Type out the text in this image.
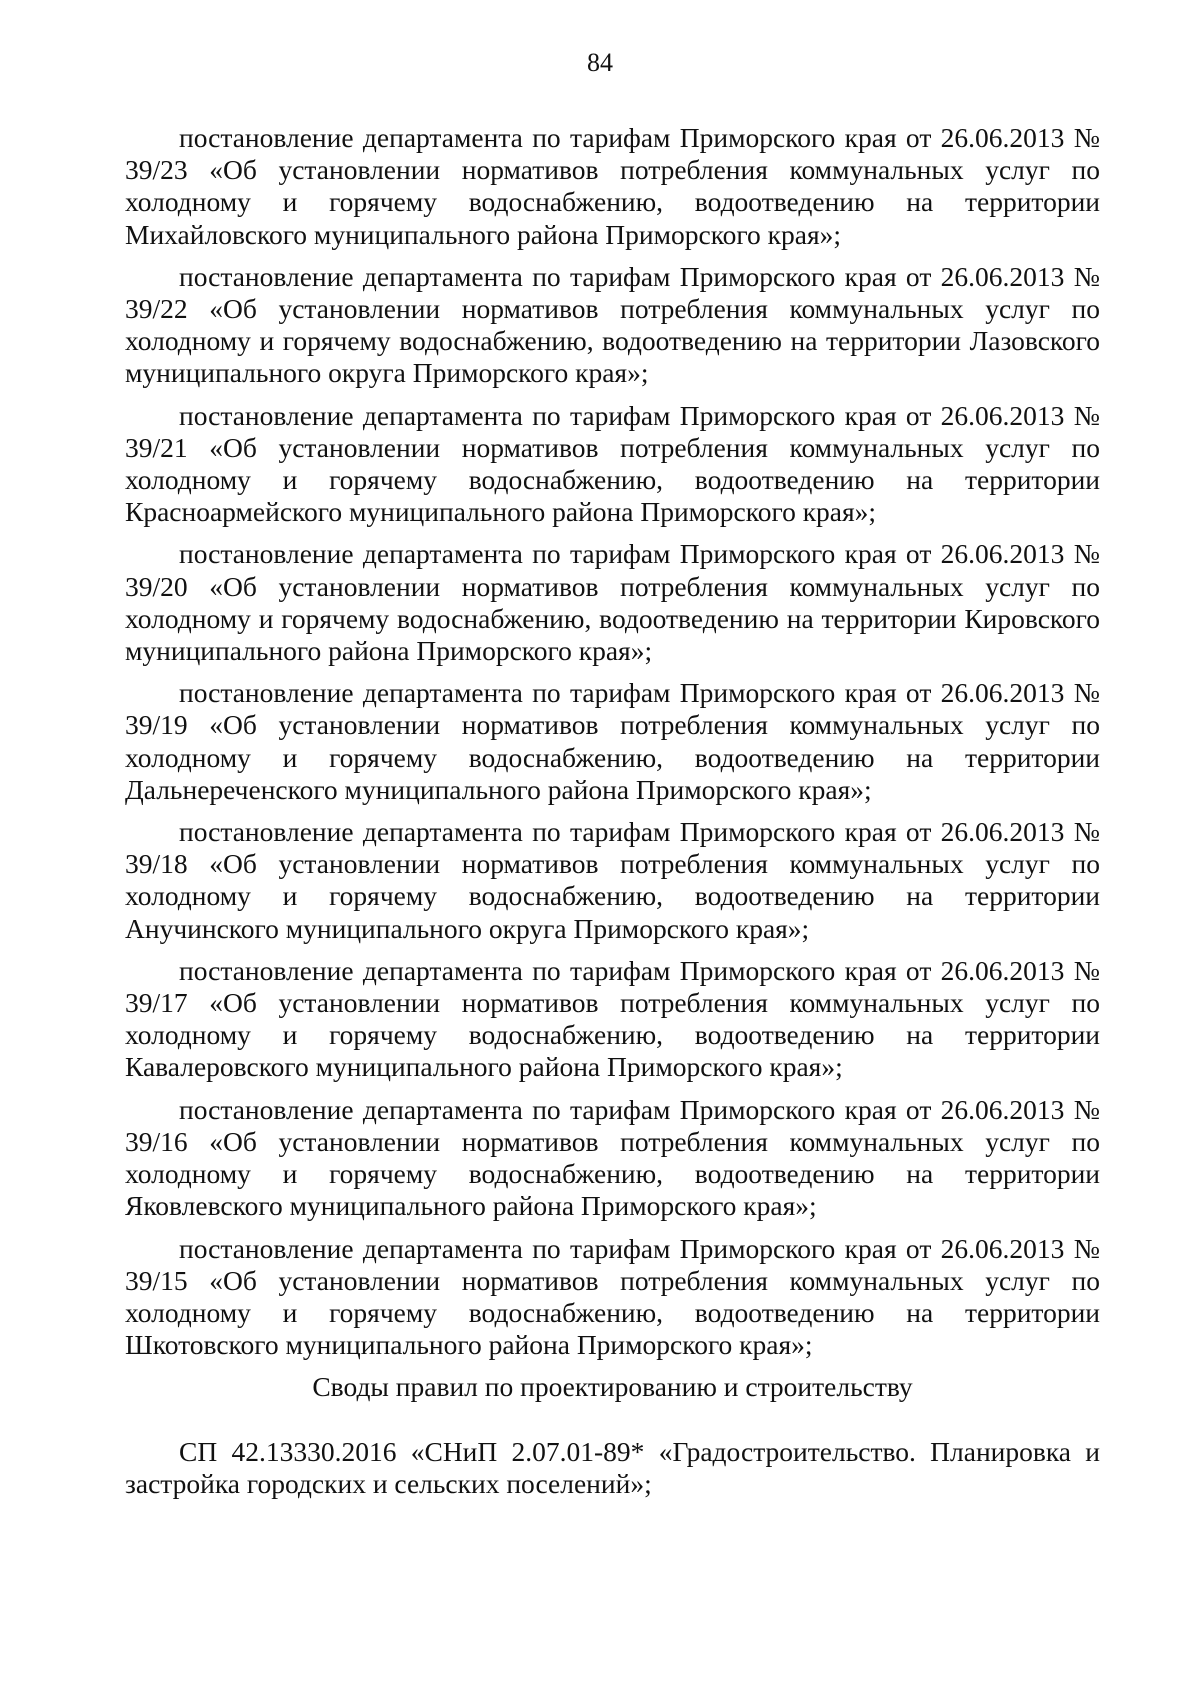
84

постановление департамента по тарифам Приморского края от 26.06.2013 № 39/23 «Об установлении нормативов потребления коммунальных услуг по холодному и горячему водоснабжению, водоотведению на территории Михайловского муниципального района Приморского края»;

постановление департамента по тарифам Приморского края от 26.06.2013 № 39/22 «Об установлении нормативов потребления коммунальных услуг по холодному и горячему водоснабжению, водоотведению на территории Лазовского муниципального округа Приморского края»;

постановление департамента по тарифам Приморского края от 26.06.2013 № 39/21 «Об установлении нормативов потребления коммунальных услуг по холодному и горячему водоснабжению, водоотведению на территории Красноармейского муниципального района Приморского края»;

постановление департамента по тарифам Приморского края от 26.06.2013 № 39/20 «Об установлении нормативов потребления коммунальных услуг по холодному и горячему водоснабжению, водоотведению на территории Кировского муниципального района Приморского края»;

постановление департамента по тарифам Приморского края от 26.06.2013 № 39/19 «Об установлении нормативов потребления коммунальных услуг по холодному и горячему водоснабжению, водоотведению на территории Дальнереченского муниципального района Приморского края»;

постановление департамента по тарифам Приморского края от 26.06.2013 № 39/18 «Об установлении нормативов потребления коммунальных услуг по холодному и горячему водоснабжению, водоотведению на территории Анучинского муниципального округа Приморского края»;

постановление департамента по тарифам Приморского края от 26.06.2013 № 39/17 «Об установлении нормативов потребления коммунальных услуг по холодному и горячему водоснабжению, водоотведению на территории Кавалеровского муниципального района Приморского края»;

постановление департамента по тарифам Приморского края от 26.06.2013 № 39/16 «Об установлении нормативов потребления коммунальных услуг по холодному и горячему водоснабжению, водоотведению на территории Яковлевского муниципального района Приморского края»;

постановление департамента по тарифам Приморского края от 26.06.2013 № 39/15 «Об установлении нормативов потребления коммунальных услуг по холодному и горячему водоснабжению, водоотведению на территории Шкотовского муниципального района Приморского края»;

Своды правил по проектированию и строительству

СП 42.13330.2016 «СНиП 2.07.01-89* «Градостроительство. Планировка и застройка городских и сельских поселений»;
